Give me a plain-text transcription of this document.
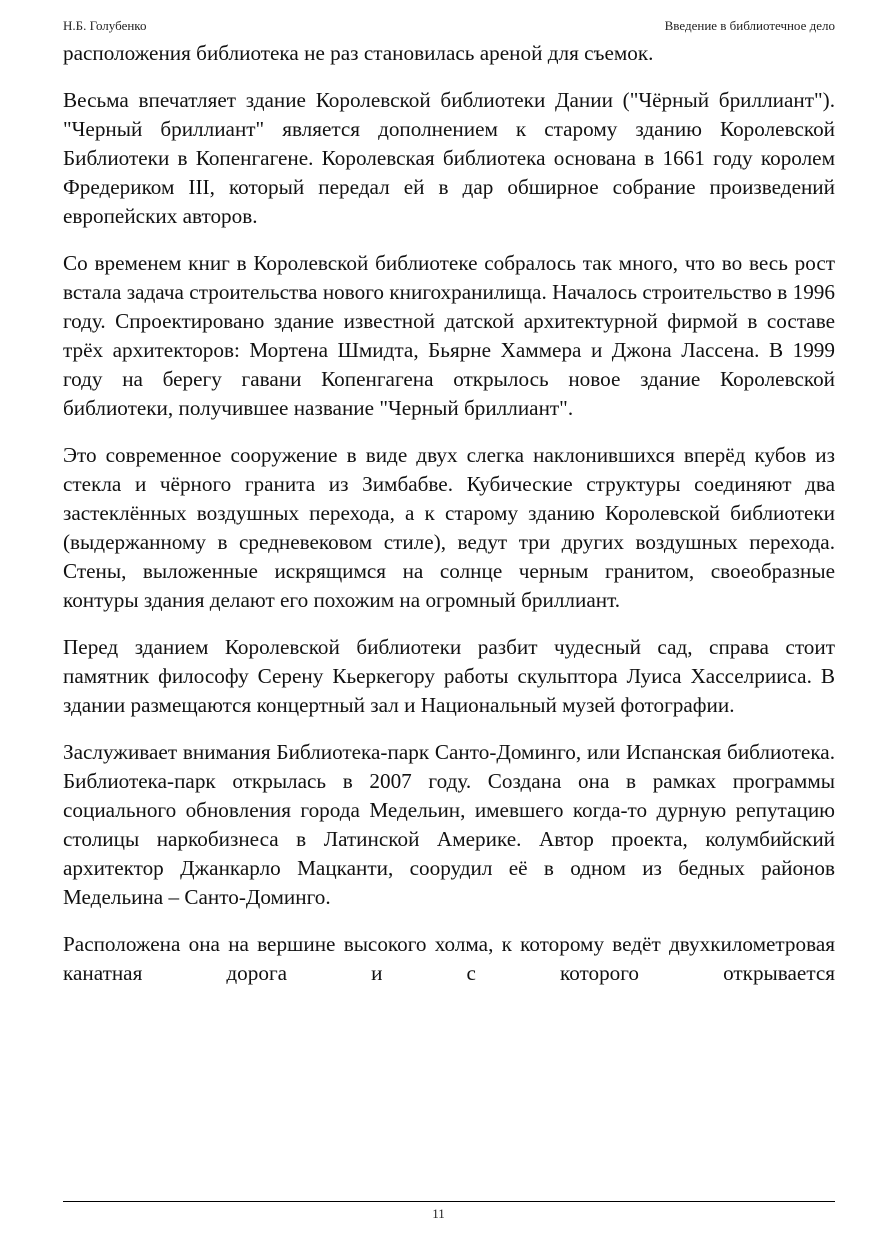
Н.Б. Голубенко	Введение в библиотечное дело

расположения библиотека не раз становилась ареной для съемок.

Весьма впечатляет здание Королевской библиотеки Дании ("Чёрный бриллиант"). "Черный бриллиант" является дополнением к старому зданию Королевской Библиотеки в Копенгагене. Королевская библиотека основана в 1661 году королем Фредериком III, который передал ей в дар обширное собрание произведений европейских авторов.

Со временем книг в Королевской библиотеке собралось так много, что во весь рост встала задача строительства нового книгохранилища. Началось строительство в 1996 году. Спроектировано здание известной датской архитектурной фирмой в составе трёх архитекторов: Мортена Шмидта, Бьярне Хаммера и Джона Лассена. В 1999 году на берегу гавани Копенгагена открылось новое здание Королевской библиотеки, получившее название "Черный бриллиант".

Это современное сооружение в виде двух слегка наклонившихся вперёд кубов из стекла и чёрного гранита из Зимбабве. Кубические структуры соединяют два застеклённых воздушных перехода, а к старому зданию Королевской библиотеки (выдержанному в средневековом стиле), ведут три других воздушных перехода. Стены, выложенные искрящимся на солнце черным гранитом, своеобразные контуры здания делают его похожим на огромный бриллиант.

Перед зданием Королевской библиотеки разбит чудесный сад, справа стоит памятник философу Серену Кьеркегору работы скульптора Луиса Хасселрииса. В здании размещаются концертный зал и Национальный музей фотографии.

Заслуживает внимания Библиотека-парк Санто-Доминго, или Испанская библиотека. Библиотека-парк открылась в 2007 году. Создана она в рамках программы социального обновления города Медельин, имевшего когда-то дурную репутацию столицы наркобизнеса в Латинской Америке. Автор проекта, колумбийский архитектор Джанкарло Мацканти, соорудил её в одном из бедных районов Медельина – Санто-Доминго.

Расположена она на вершине высокого холма, к которому ведёт двухкилометровая канатная дорога и с которого открывается

11
